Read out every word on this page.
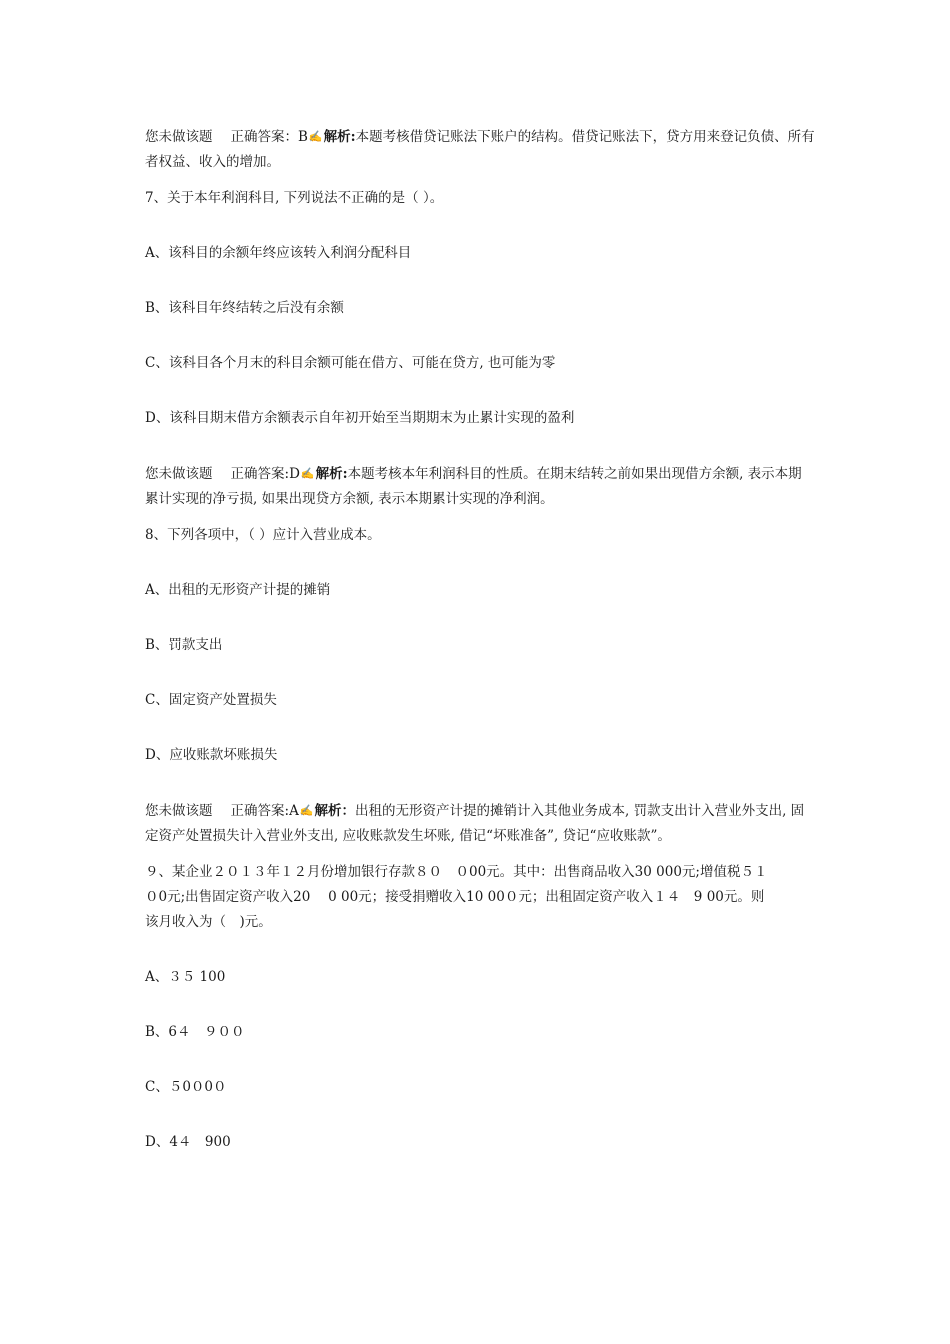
您未做该题 正确答案：B✍解析:本题考核借贷记账法下账户的结构。借贷记账法下，贷方用来登记负债、所有者权益、收入的增加。
7、关于本年利润科目, 下列说法不正确的是（ ）。
A、该科目的余额年终应该转入利润分配科目
B、该科目年终结转之后没有余额
C、该科目各个月末的科目余额可能在借方、可能在贷方, 也可能为零
D、该科目期末借方余额表示自年初开始至当期期末为止累计实现的盈利
您未做该题 正确答案:D✍解析:本题考核本年利润科目的性质。在期末结转之前如果出现借方余额, 表示本期累计实现的净亏损, 如果出现贷方余额, 表示本期累计实现的净利润。
8、下列各项中，（ ）应计入营业成本。
A、出租的无形资产计提的摊销
B、罚款支出
C、固定资产处置损失
D、应收账款坏账损失
您未做该题 正确答案:A✍解析：出租的无形资产计提的摊销计入其他业务成本, 罚款支出计入营业外支出, 固定资产处置损失计入营业外支出, 应收账款发生坏账, 借记“坏账准备”, 贷记“应收账款”。
９、某企业２０１３年１２月份增加银行存款８０　０00元。其中：出售商品收入30 000元;增值税５１
０0元;出售固定资产收入20　 0 00元；接受捐赠收入10 00０元；出租固定资产收入１４　9 00元。则
该月收入为（　)元。
A、３５ 100
B、6４　９００
C、５0０0０
D、4４　900
